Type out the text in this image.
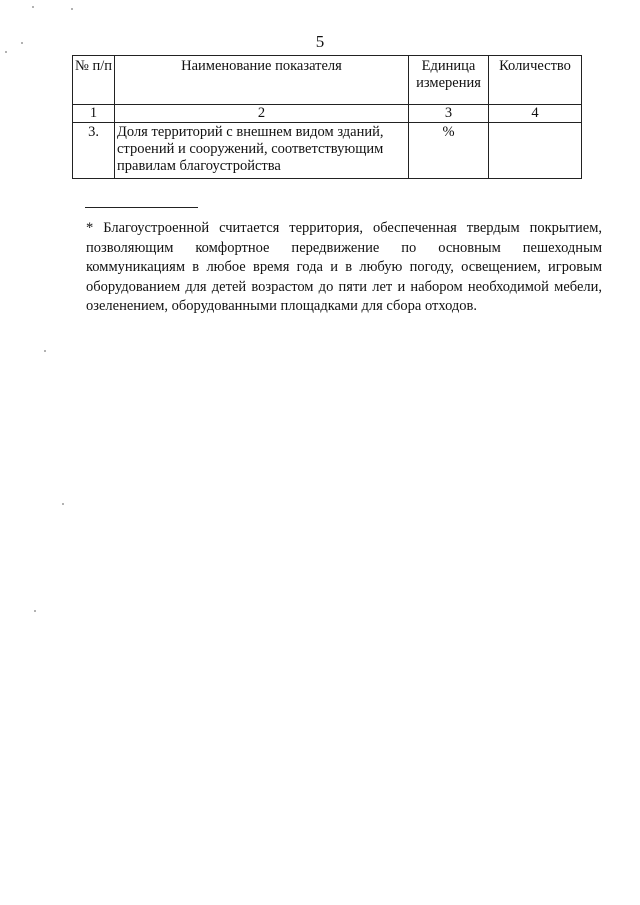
5
№ п/п	Наименование показателя	Единица измерения	Количество
1	2	3	4
3.	Доля территорий с внешнем видом зданий, строений и сооружений, соответствующим правилам благоустройства	%	
* Благоустроенной считается территория, обеспеченная твердым покрытием, позволяющим комфортное передвижение по основным пешеходным коммуникациям в любое время года и в любую погоду, освещением, игровым оборудованием для детей возрастом до пяти лет и набором необходимой мебели, озеленением, оборудованными площадками для сбора отходов.
